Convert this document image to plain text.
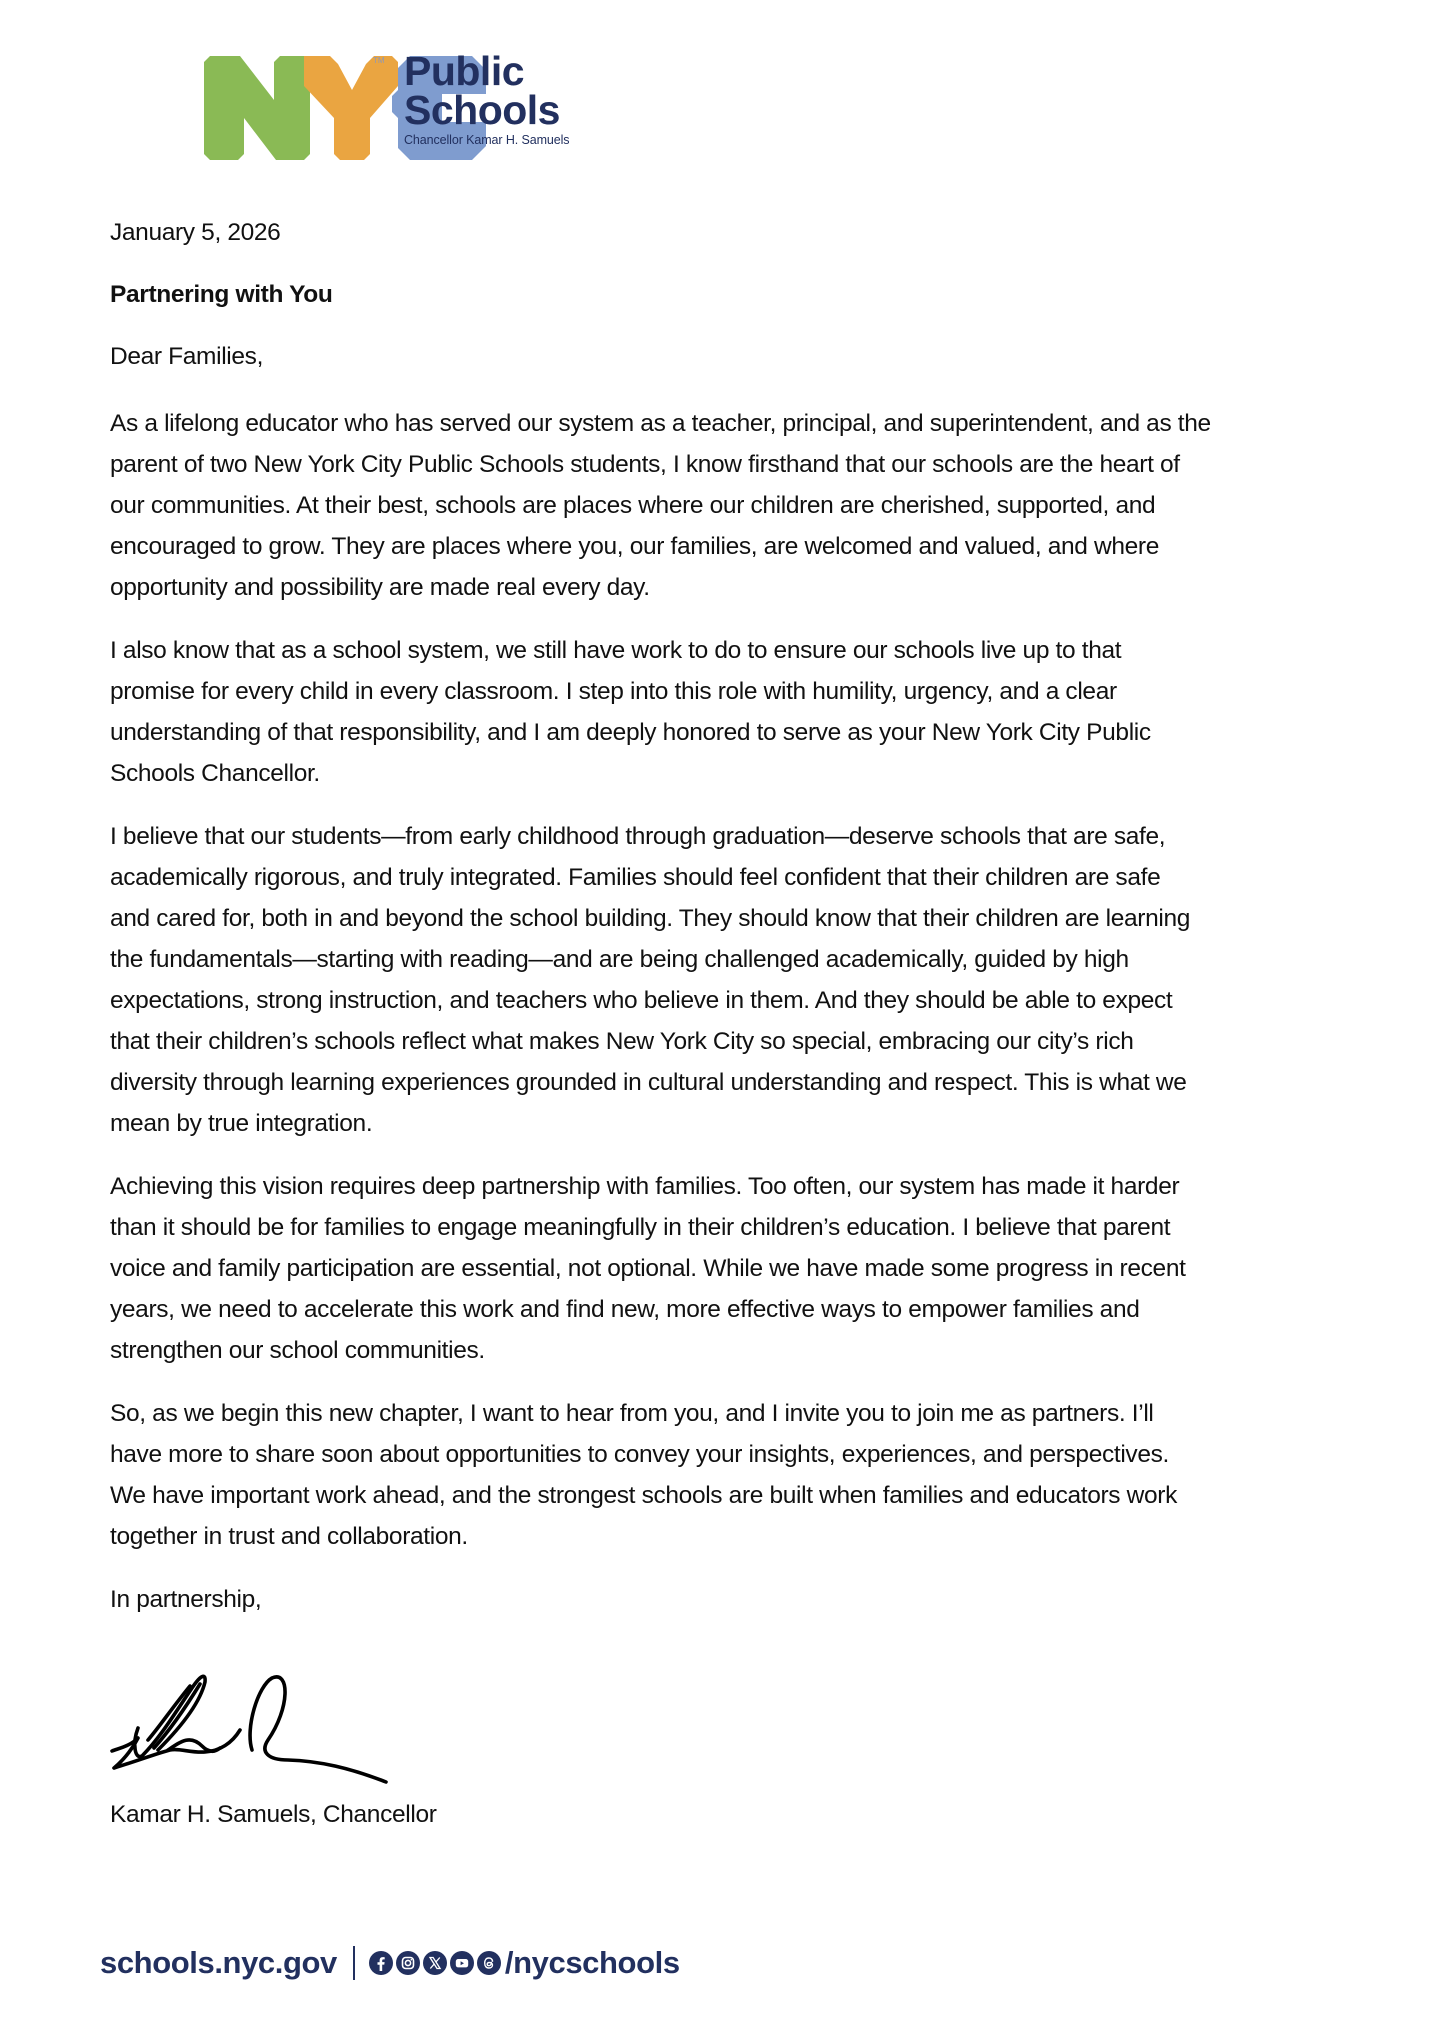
TM Public
Schools
Chancellor Kamar H. Samuels
January 5, 2026
Partnering with You
Dear Families,
As a lifelong educator who has served our system as a teacher, principal, and superintendent, and as the
parent of two New York City Public Schools students, I know firsthand that our schools are the heart of
our communities. At their best, schools are places where our children are cherished, supported, and
encouraged to grow. They are places where you, our families, are welcomed and valued, and where
opportunity and possibility are made real every day.
I also know that as a school system, we still have work to do to ensure our schools live up to that
promise for every child in every classroom. I step into this role with humility, urgency, and a clear
understanding of that responsibility, and I am deeply honored to serve as your New York City Public
Schools Chancellor.
I believe that our students—from early childhood through graduation—deserve schools that are safe,
academically rigorous, and truly integrated. Families should feel confident that their children are safe
and cared for, both in and beyond the school building. They should know that their children are learning
the fundamentals—starting with reading—and are being challenged academically, guided by high
expectations, strong instruction, and teachers who believe in them. And they should be able to expect
that their children’s schools reflect what makes New York City so special, embracing our city’s rich
diversity through learning experiences grounded in cultural understanding and respect. This is what we
mean by true integration.
Achieving this vision requires deep partnership with families. Too often, our system has made it harder
than it should be for families to engage meaningfully in their children’s education. I believe that parent
voice and family participation are essential, not optional. While we have made some progress in recent
years, we need to accelerate this work and find new, more effective ways to empower families and
strengthen our school communities.
So, as we begin this new chapter, I want to hear from you, and I invite you to join me as partners. I’ll
have more to share soon about opportunities to convey your insights, experiences, and perspectives.
We have important work ahead, and the strongest schools are built when families and educators work
together in trust and collaboration.
In partnership,
Kamar H. Samuels, Chancellor
schools.nyc.gov	/nycschools
